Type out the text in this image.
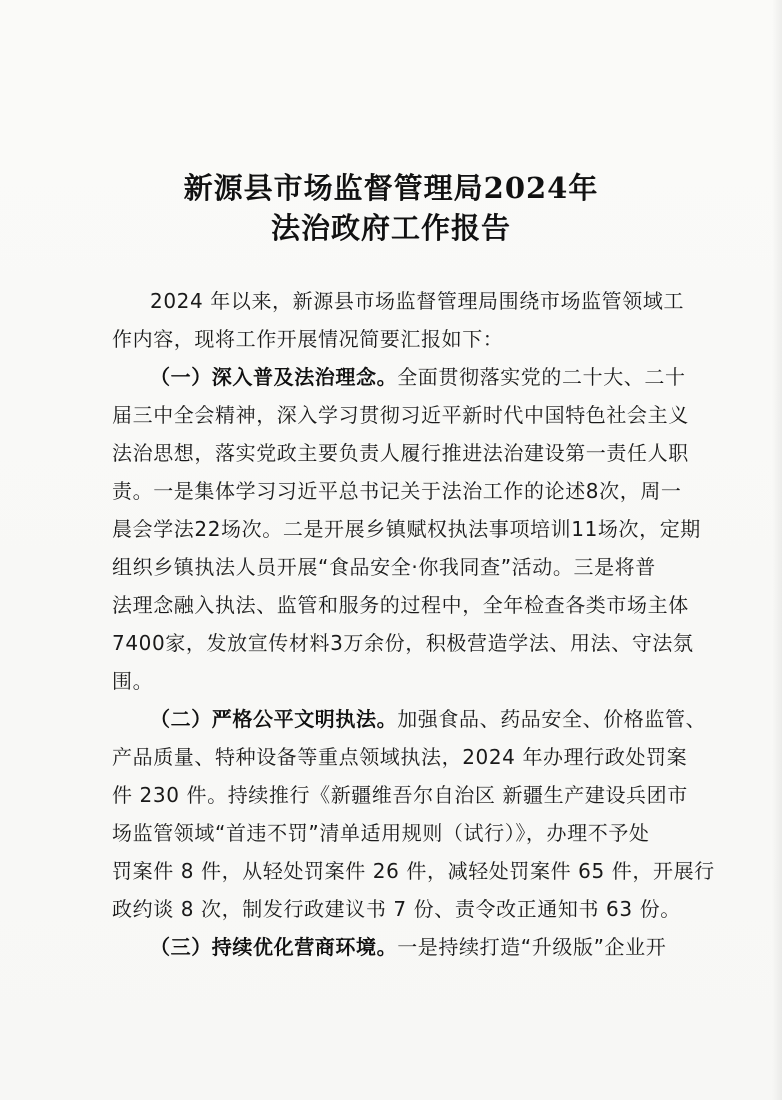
新源县市场监督管理局2024年
法治政府工作报告

2024 年以来，新源县市场监督管理局围绕市场监管领域工

作内容，现将工作开展情况简要汇报如下：

（一）深入普及法治理念。全面贯彻落实党的二十大、二十

届三中全会精神，深入学习贯彻习近平新时代中国特色社会主义

法治思想，落实党政主要负责人履行推进法治建设第一责任人职

责。一是集体学习习近平总书记关于法治工作的论述8次，周一

晨会学法22场次。二是开展乡镇赋权执法事项培训11场次，定期

组织乡镇执法人员开展“食品安全·你我同查”活动。三是将普

法理念融入执法、监管和服务的过程中，全年检查各类市场主体

7400家，发放宣传材料3万余份，积极营造学法、用法、守法氛

围。

（二）严格公平文明执法。加强食品、药品安全、价格监管、

产品质量、特种设备等重点领域执法，2024 年办理行政处罚案

件 230 件。持续推行《新疆维吾尔自治区 新疆生产建设兵团市

场监管领域“首违不罚”清单适用规则（试行）》，办理不予处

罚案件 8 件，从轻处罚案件 26 件，减轻处罚案件 65 件，开展行

政约谈 8 次，制发行政建议书 7 份、责令改正通知书 63 份。

（三）持续优化营商环境。一是持续打造“升级版”企业开
